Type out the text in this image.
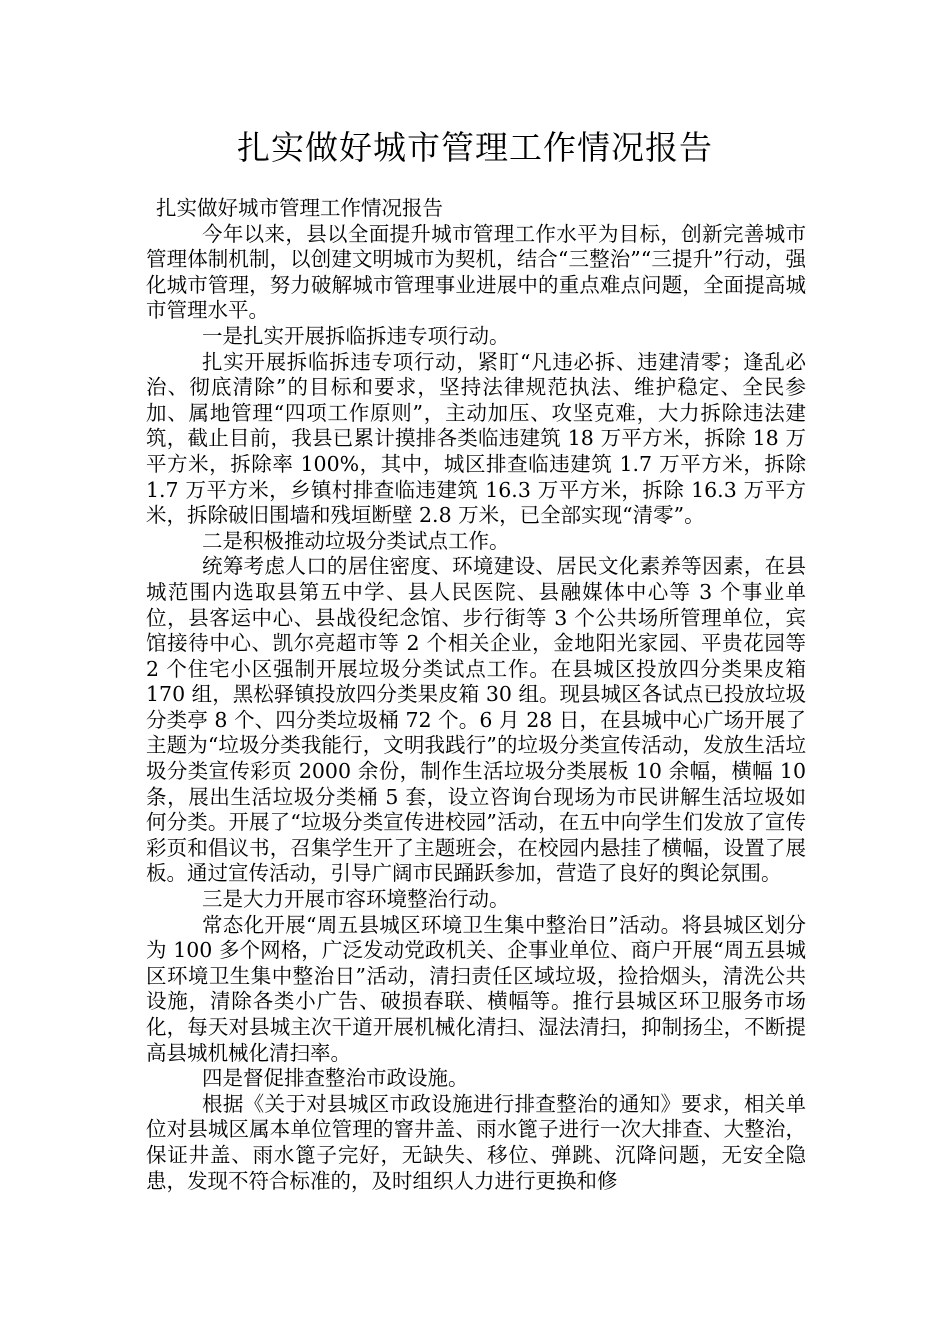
扎实做好城市管理工作情况报告

扎实做好城市管理工作情况报告

今年以来，县以全面提升城市管理工作水平为目标，创新完善城市管理体制机制，以创建文明城市为契机，结合“三整治”“三提升”行动，强化城市管理，努力破解城市管理事业进展中的重点难点问题，全面提高城市管理水平。

一是扎实开展拆临拆违专项行动。

扎实开展拆临拆违专项行动，紧盯“凡违必拆、违建清零；逢乱必治、彻底清除”的目标和要求，坚持法律规范执法、维护稳定、全民参加、属地管理“四项工作原则”，主动加压、攻坚克难，大力拆除违法建筑，截止目前，我县已累计摸排各类临违建筑 18 万平方米，拆除 18 万平方米，拆除率 100%，其中，城区排查临违建筑 1.7 万平方米，拆除 1.7 万平方米，乡镇村排查临违建筑 16.3 万平方米，拆除 16.3 万平方米，拆除破旧围墙和残垣断壁 2.8 万米，已全部实现“清零”。

二是积极推动垃圾分类试点工作。

统筹考虑人口的居住密度、环境建设、居民文化素养等因素，在县城范围内选取县第五中学、县人民医院、县融媒体中心等 3 个事业单位，县客运中心、县战役纪念馆、步行街等 3 个公共场所管理单位，宾馆接待中心、凯尔亮超市等 2 个相关企业，金地阳光家园、平贵花园等 2 个住宅小区强制开展垃圾分类试点工作。在县城区投放四分类果皮箱 170 组，黑松驿镇投放四分类果皮箱 30 组。现县城区各试点已投放垃圾分类亭 8 个、四分类垃圾桶 72 个。6 月 28 日，在县城中心广场开展了主题为“垃圾分类我能行，文明我践行”的垃圾分类宣传活动，发放生活垃圾分类宣传彩页 2000 余份，制作生活垃圾分类展板 10 余幅，横幅 10 条，展出生活垃圾分类桶 5 套，设立咨询台现场为市民讲解生活垃圾如何分类。开展了“垃圾分类宣传进校园”活动，在五中向学生们发放了宣传彩页和倡议书，召集学生开了主题班会，在校园内悬挂了横幅，设置了展板。通过宣传活动，引导广阔市民踊跃参加，营造了良好的舆论氛围。

三是大力开展市容环境整治行动。

常态化开展“周五县城区环境卫生集中整治日”活动。将县城区划分为 100 多个网格，广泛发动党政机关、企事业单位、商户开展“周五县城区环境卫生集中整治日”活动，清扫责任区域垃圾，捡拾烟头，清洗公共设施，清除各类小广告、破损春联、横幅等。推行县城区环卫服务市场化，每天对县城主次干道开展机械化清扫、湿法清扫，抑制扬尘，不断提高县城机械化清扫率。

四是督促排查整治市政设施。

根据《关于对县城区市政设施进行排查整治的通知》要求，相关单位对县城区属本单位管理的窨井盖、雨水篦子进行一次大排查、大整治，保证井盖、雨水篦子完好，无缺失、移位、弹跳、沉降问题，无安全隐患，发现不符合标准的，及时组织人力进行更换和修
